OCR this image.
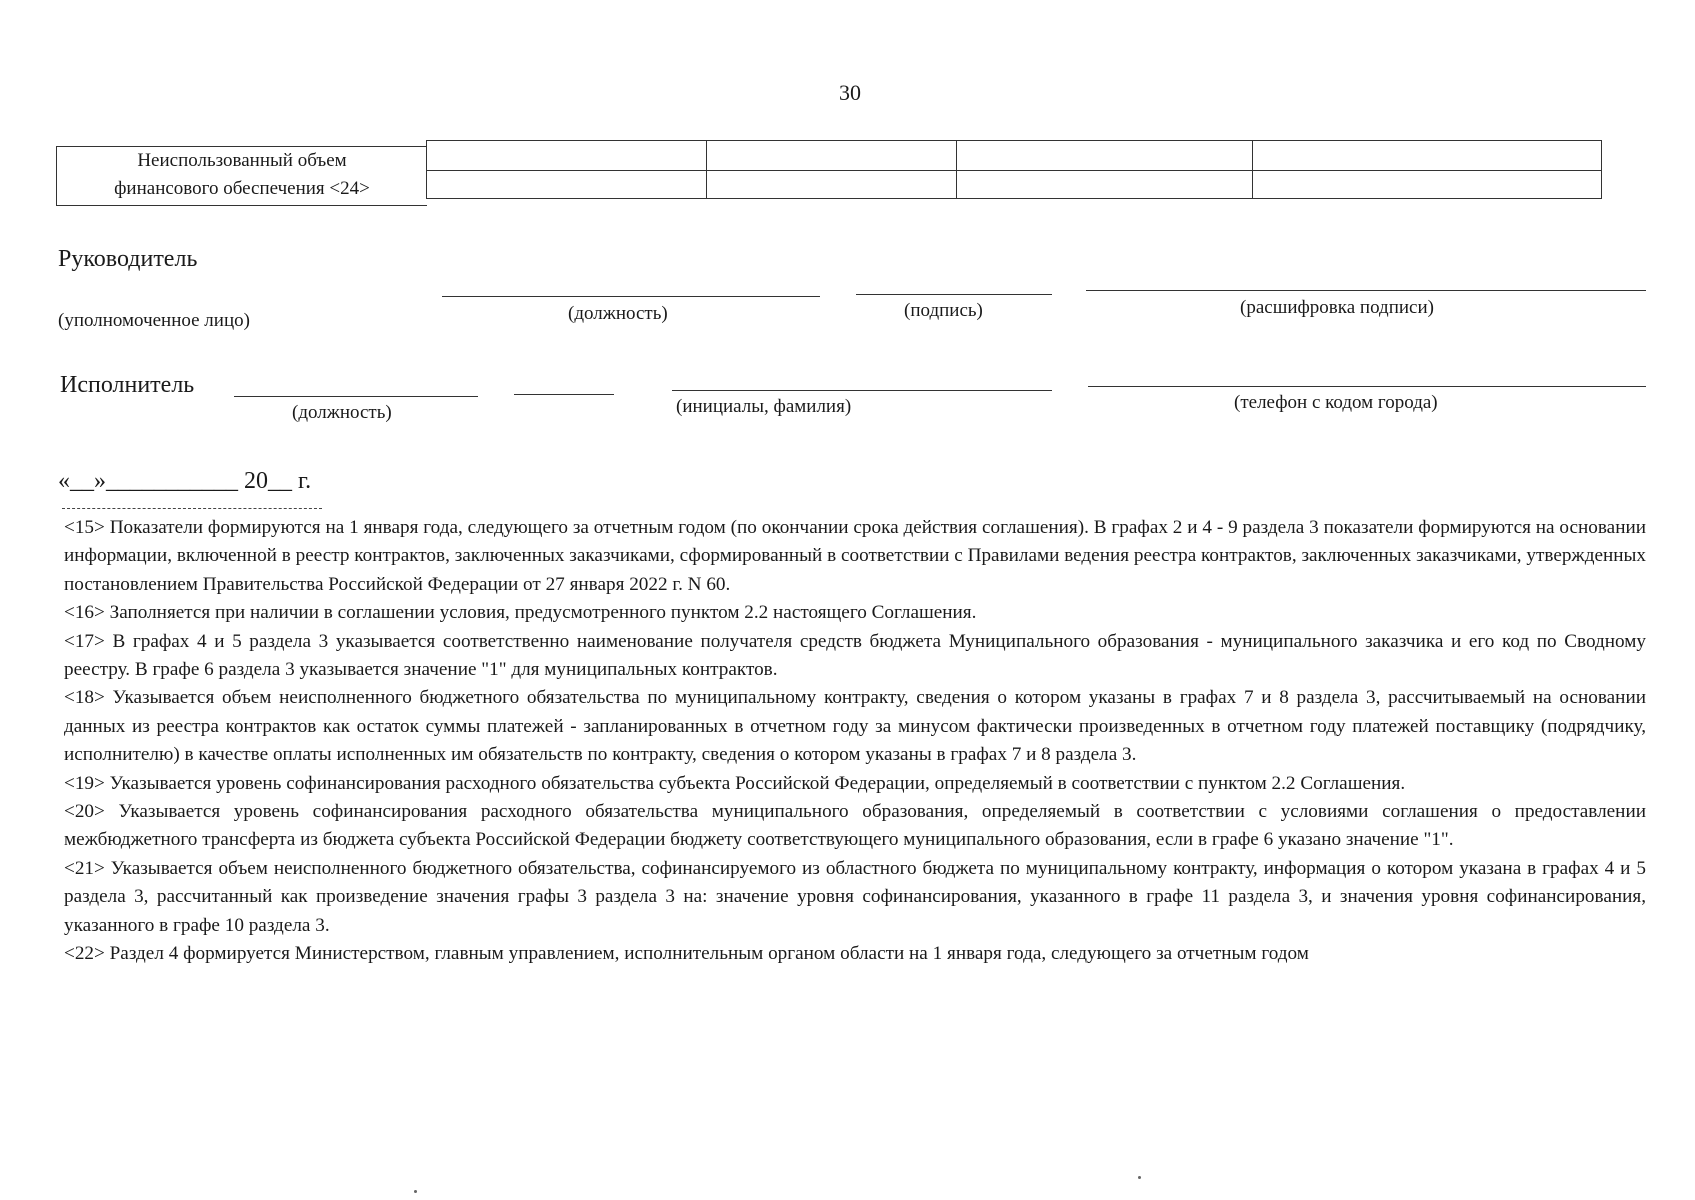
30
Неиспользованный объем
финансового обеспечения <24>
Руководитель
(уполномоченное лицо)	(должность)	(подпись)	(расшифровка подписи)
Исполнитель
(должность)	(инициалы, фамилия)	(телефон с кодом города)
«__»___________ 20__ г.

<15> Показатели формируются на 1 января года, следующего за отчетным годом (по окончании срока действия соглашения). В графах 2 и 4 - 9 раздела 3 показатели формируются на основании информации, включенной в реестр контрактов, заключенных заказчиками, сформированный в соответствии с Правилами ведения реестра контрактов, заключенных заказчиками, утвержденных постановлением Правительства Российской Федерации от 27 января 2022 г. N 60.

<16> Заполняется при наличии в соглашении условия, предусмотренного пунктом 2.2 настоящего Соглашения.

<17> В графах 4 и 5 раздела 3 указывается соответственно наименование получателя средств бюджета Муниципального образования - муниципального заказчика и его код по Сводному реестру. В графе 6 раздела 3 указывается значение "1" для муниципальных контрактов.

<18> Указывается объем неисполненного бюджетного обязательства по муниципальному контракту, сведения о котором указаны в графах 7 и 8 раздела 3, рассчитываемый на основании данных из реестра контрактов как остаток суммы платежей - запланированных в отчетном году за минусом фактически произведенных в отчетном году платежей поставщику (подрядчику, исполнителю) в качестве оплаты исполненных им обязательств по контракту, сведения о котором указаны в графах 7 и 8 раздела 3.

<19> Указывается уровень софинансирования расходного обязательства субъекта Российской Федерации, определяемый в соответствии с пунктом 2.2 Соглашения.

<20> Указывается уровень софинансирования расходного обязательства муниципального образования, определяемый в соответствии с условиями соглашения о предоставлении межбюджетного трансферта из бюджета субъекта Российской Федерации бюджету соответствующего муниципального образования, если в графе 6 указано значение "1".

<21> Указывается объем неисполненного бюджетного обязательства, софинансируемого из областного бюджета по муниципальному контракту, информация о котором указана в графах 4 и 5 раздела 3, рассчитанный как произведение значения графы 3 раздела 3 на: значение уровня софинансирования, указанного в графе 11 раздела 3, и значения уровня софинансирования, указанного в графе 10 раздела 3.

<22> Раздел 4 формируется Министерством, главным управлением, исполнительным органом области на 1 января года, следующего за отчетным годом
